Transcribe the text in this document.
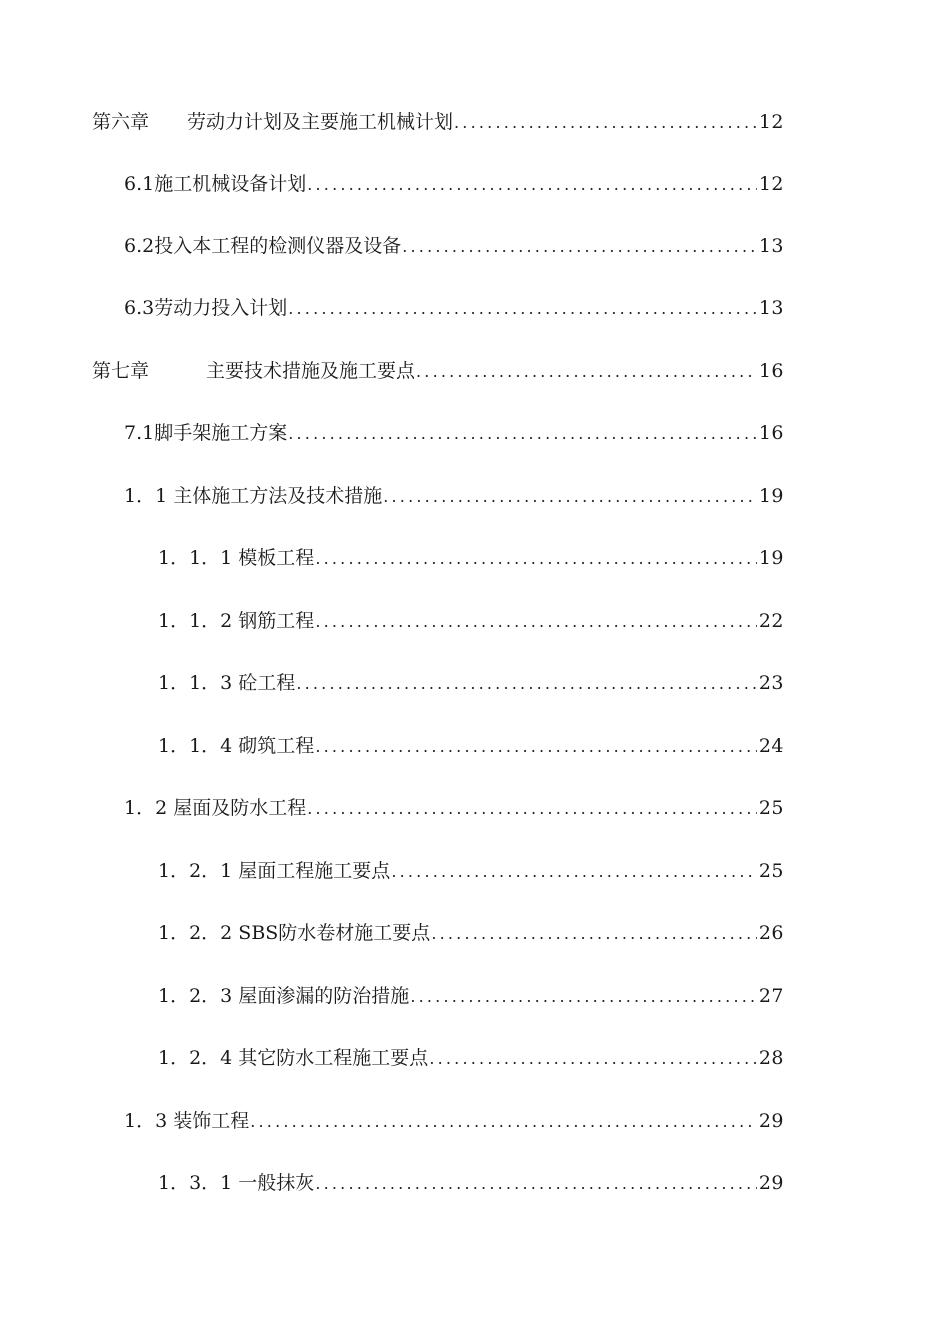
第六章　　劳动力计划及主要施工机械计划 .....	12
6.1施工机械设备计划 .....	12
6.2投入本工程的检测仪器及设备 .....	13
6.3劳动力投入计划 .....	13
第七章　　　主要技术措施及施工要点 .....	16
7.1脚手架施工方案 .....	16
1．1 主体施工方法及技术措施 .....	19
1．1．1 模板工程 .....	19
1．1．2 钢筋工程 .....	22
1．1．3 砼工程 .....	23
1．1．4 砌筑工程 .....	24
1．2 屋面及防水工程 .....	25
1．2．1 屋面工程施工要点 .....	25
1．2．2 SBS防水卷材施工要点 .....	26
1．2．3 屋面渗漏的防治措施 .....	27
1．2．4 其它防水工程施工要点 .....	28
1．3 装饰工程 .....	29
1．3．1 一般抹灰 .....	29
